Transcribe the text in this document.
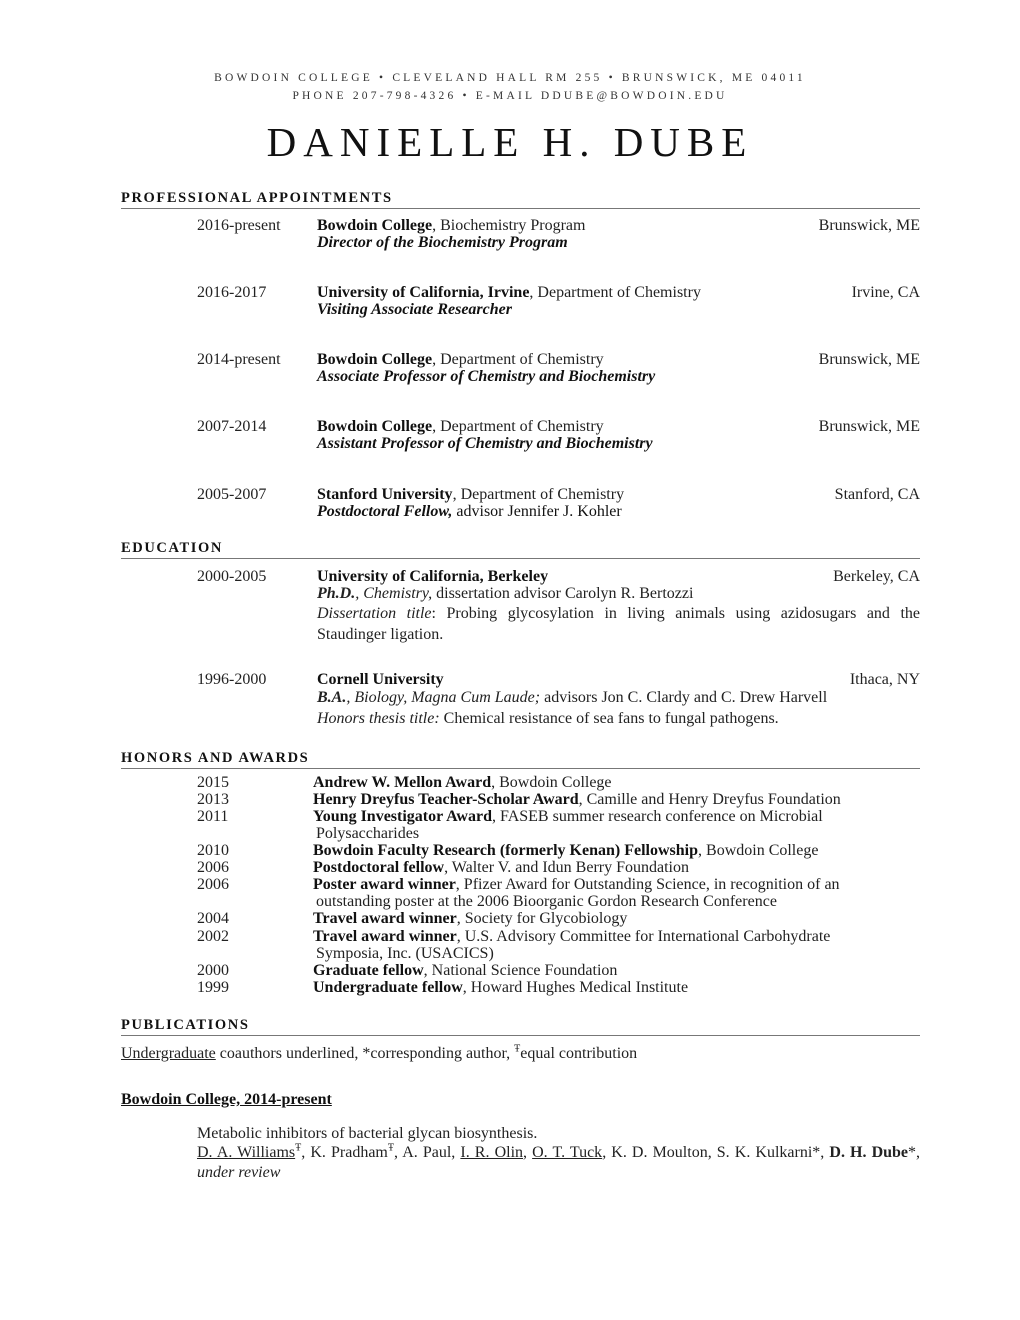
BOWDOIN COLLEGE • CLEVELAND HALL RM 255 • BRUNSWICK, ME 04011
PHONE 207-798-4326 • E-MAIL DDUBE@BOWDOIN.EDU
DANIELLE H. DUBE
PROFESSIONAL APPOINTMENTS
2016-present Bowdoin College, Biochemistry Program	Brunswick, ME
Director of the Biochemistry Program
2016-2017	University of California, Irvine, Department of Chemistry	Irvine, CA
Visiting Associate Researcher
2014-present Bowdoin College, Department of Chemistry	Brunswick, ME
Associate Professor of Chemistry and Biochemistry
2007-2014	Bowdoin College, Department of Chemistry	Brunswick, ME
Assistant Professor of Chemistry and Biochemistry
2005-2007	Stanford University, Department of Chemistry	Stanford, CA
Postdoctoral Fellow, advisor Jennifer J. Kohler
EDUCATION
2000-2005	University of California, Berkeley	Berkeley, CA
Ph.D., Chemistry, dissertation advisor Carolyn R. Bertozzi
Dissertation title: Probing glycosylation in living animals using azidosugars and the Staudinger ligation.
1996-2000	Cornell University	Ithaca, NY
B.A., Biology, Magna Cum Laude; advisors Jon C. Clardy and C. Drew Harvell
Honors thesis title: Chemical resistance of sea fans to fungal pathogens.
HONORS AND AWARDS
2015	Andrew W. Mellon Award, Bowdoin College
2013	Henry Dreyfus Teacher-Scholar Award, Camille and Henry Dreyfus Foundation
2011	Young Investigator Award, FASEB summer research conference on Microbial
Polysaccharides
2010	Bowdoin Faculty Research (formerly Kenan) Fellowship, Bowdoin College
2006	Postdoctoral fellow, Walter V. and Idun Berry Foundation
2006	Poster award winner, Pfizer Award for Outstanding Science, in recognition of an
outstanding poster at the 2006 Bioorganic Gordon Research Conference
2004	Travel award winner, Society for Glycobiology
2002	Travel award winner, U.S. Advisory Committee for International Carbohydrate
Symposia, Inc. (USACICS)
2000	Graduate fellow, National Science Foundation
1999	Undergraduate fellow, Howard Hughes Medical Institute
PUBLICATIONS
Undergraduate coauthors underlined, *corresponding author, $^Ŧ$equal contribution
Bowdoin College, 2014-present
Metabolic inhibitors of bacterial glycan biosynthesis.
D. A. Williams$^Ŧ$, K. Pradham$^Ŧ$, A. Paul, I. R. Olin, O. T. Tuck, K. D. Moulton, S. K. Kulkarni*, D. H. Dube*, under review
